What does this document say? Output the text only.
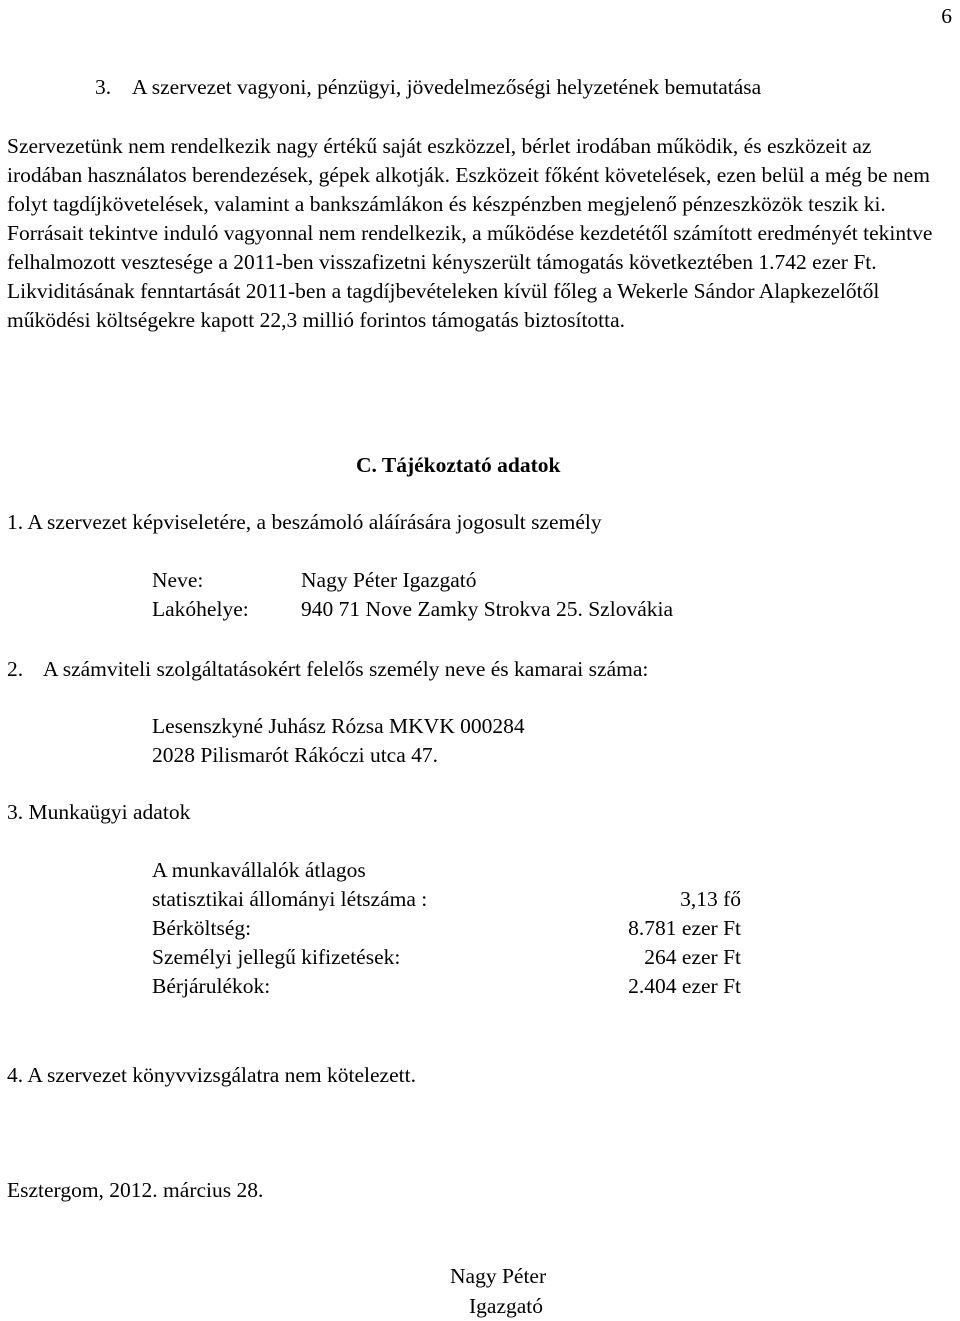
6
3. A szervezet vagyoni, pénzügyi, jövedelmezőségi helyzetének bemutatása

Szervezetünk nem rendelkezik nagy értékű saját eszközzel, bérlet irodában működik, és eszközeit az irodában használatos berendezések, gépek alkotják. Eszközeit főként követelések, ezen belül a még be nem folyt tagdíjkövetelések, valamint a bankszámlákon és készpénzben megjelenő pénzeszközök teszik ki.

Forrásait tekintve induló vagyonnal nem rendelkezik, a működése kezdetétől számított eredményét tekintve felhalmozott vesztesége a 2011-ben visszafizetni kényszerült támogatás következtében 1.742 ezer Ft.

Likviditásának fenntartását 2011-ben a tagdíjbevételeken kívül főleg a Wekerle Sándor Alapkezelőtől működési költségekre kapott 22,3 millió forintos támogatás biztosította.

C. Tájékoztató adatok
1. A szervezet képviseletére, a beszámoló aláírására jogosult személy
Neve:	Nagy Péter Igazgató
Lakóhelye: 940 71 Nove Zamky Strokva 25. Szlovákia
2. A számviteli szolgáltatásokért felelős személy neve és kamarai száma:
Lesenszkyné Juhász Rózsa MKVK 000284
2028 Pilismarót Rákóczi utca 47.
3. Munkaügyi adatok
A munkavállalók átlagos
statisztikai állományi létszáma :	3,13 fő
Bérköltség:	8.781 ezer Ft
Személyi jellegű kifizetések:	264 ezer Ft
Bérjárulékok:	2.404 ezer Ft
4. A szervezet könyvvizsgálatra nem kötelezett.
Esztergom, 2012. március 28.
Nagy Péter
Igazgató
